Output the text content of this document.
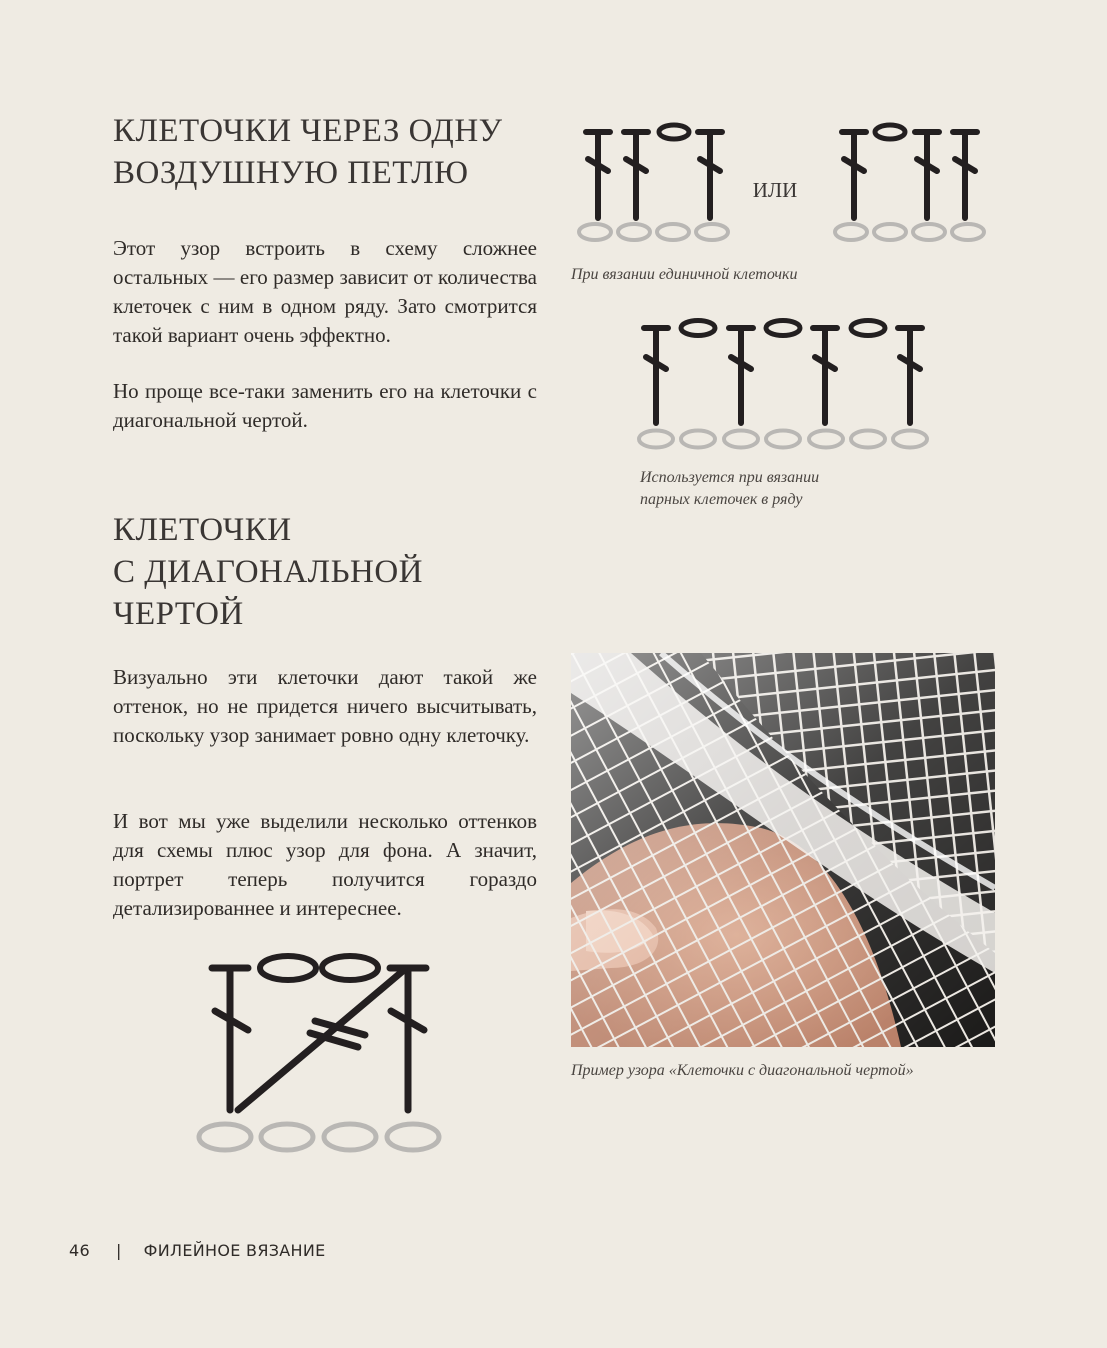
КЛЕТОЧКИ ЧЕРЕЗ ОДНУ
ВОЗДУШНУЮ ПЕТЛЮ

Этот узор встроить в схему сложнее остальных — его размер зависит от количества клеточек с ним в одном ряду. Зато смотрится такой вариант очень эффектно.

Но проще все-таки заменить его на клеточки с диагональной чертой.

ИЛИ

При вязании единичной клеточки

Используется при вязании
парных клеточек в ряду

КЛЕТОЧКИ
С ДИАГОНАЛЬНОЙ
ЧЕРТОЙ

Визуально эти клеточки дают такой же оттенок, но не придется ничего высчитывать, поскольку узор занимает ровно одну клеточку.

И вот мы уже выделили несколько оттенков для схемы плюс узор для фона. А значит, портрет теперь получится гораздо детализированнее и интереснее.

Пример узора «Клеточки с диагональной чертой»

46 | ФИЛЕЙНОЕ ВЯЗАНИЕ
